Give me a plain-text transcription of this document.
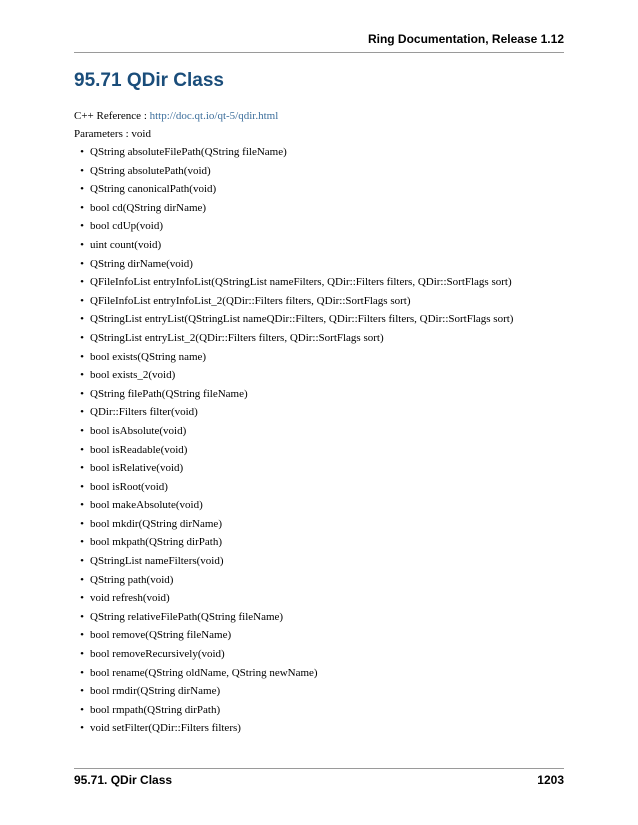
Ring Documentation, Release 1.12
95.71 QDir Class
C++ Reference : http://doc.qt.io/qt-5/qdir.html
Parameters : void
• QString absoluteFilePath(QString fileName)
• QString absolutePath(void)
• QString canonicalPath(void)
• bool cd(QString dirName)
• bool cdUp(void)
• uint count(void)
• QString dirName(void)
• QFileInfoList entryInfoList(QStringList nameFilters, QDir::Filters filters, QDir::SortFlags sort)
• QFileInfoList entryInfoList_2(QDir::Filters filters, QDir::SortFlags sort)
• QStringList entryList(QStringList nameQDir::Filters, QDir::Filters filters, QDir::SortFlags sort)
• QStringList entryList_2(QDir::Filters filters, QDir::SortFlags sort)
• bool exists(QString name)
• bool exists_2(void)
• QString filePath(QString fileName)
• QDir::Filters filter(void)
• bool isAbsolute(void)
• bool isReadable(void)
• bool isRelative(void)
• bool isRoot(void)
• bool makeAbsolute(void)
• bool mkdir(QString dirName)
• bool mkpath(QString dirPath)
• QStringList nameFilters(void)
• QString path(void)
• void refresh(void)
• QString relativeFilePath(QString fileName)
• bool remove(QString fileName)
• bool removeRecursively(void)
• bool rename(QString oldName, QString newName)
• bool rmdir(QString dirName)
• bool rmpath(QString dirPath)
• void setFilter(QDir::Filters filters)
95.71. QDir Class	1203
